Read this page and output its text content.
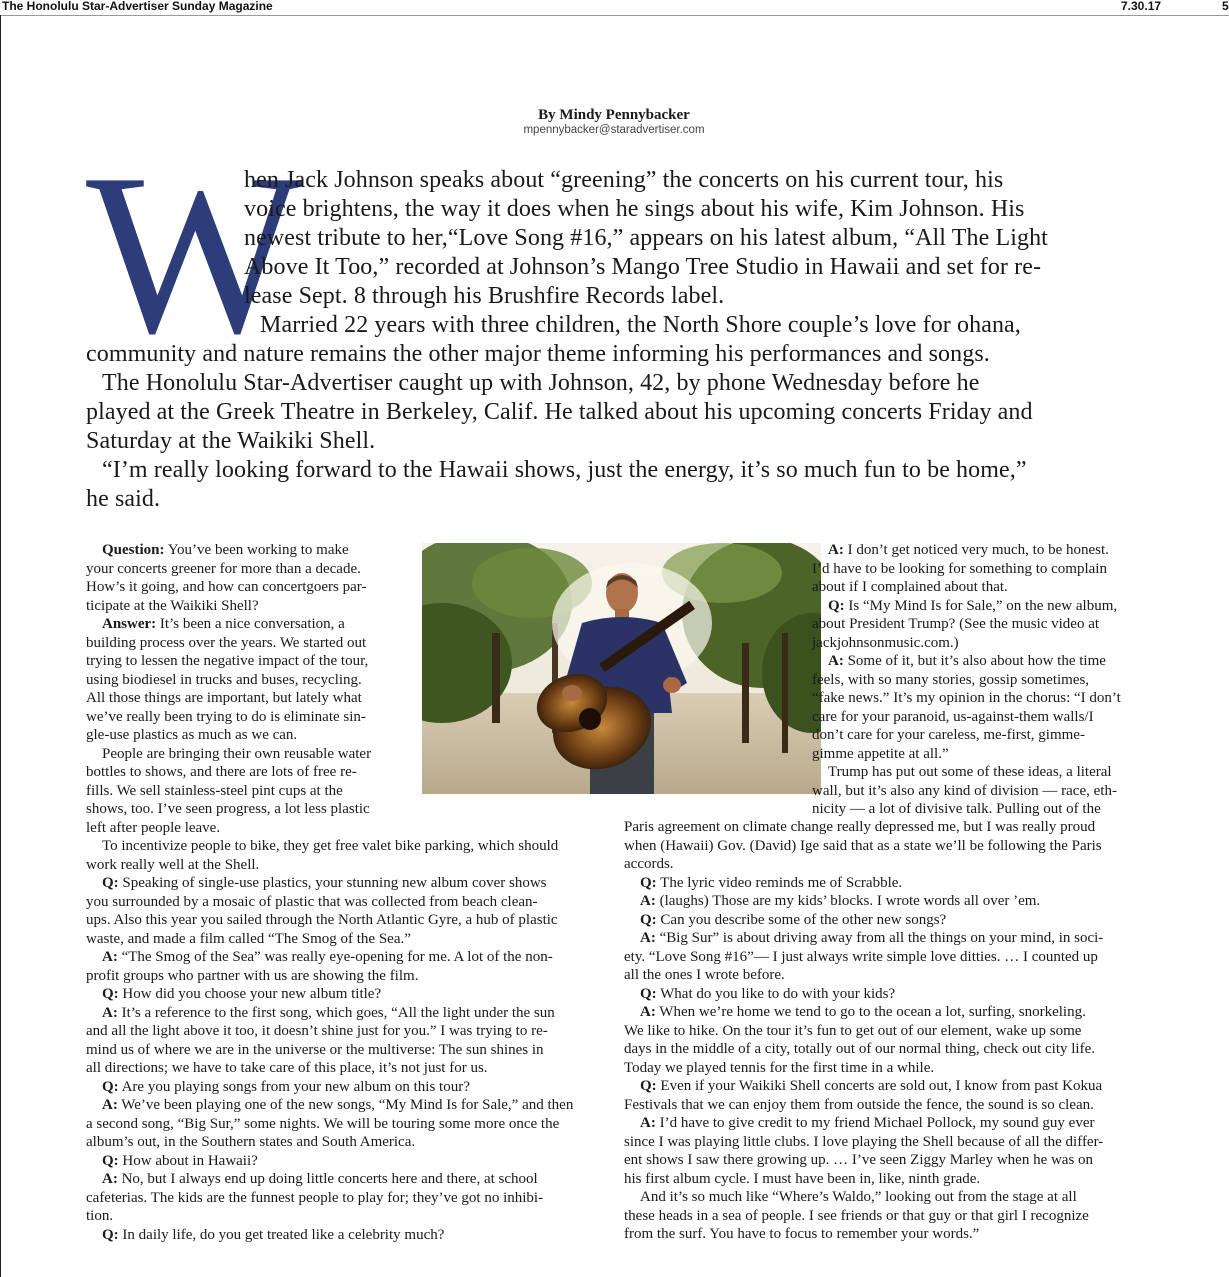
The Honolulu Star-Advertiser Sunday Magazine	7.30.17	5
By Mindy Pennybacker
mpennybacker@staradvertiser.com
W
hen Jack Johnson speaks about “greening” the concerts on his current tour, his
voice brightens, the way it does when he sings about his wife, Kim Johnson. His
newest tribute to her,“Love Song #16,” appears on his latest album, “All The Light
Above It Too,” recorded at Johnson’s Mango Tree Studio in Hawaii and set for re-
lease Sept. 8 through his Brushfire Records label.
Married 22 years with three children, the North Shore couple’s love for ohana,
community and nature remains the other major theme informing his performances and songs.
The Honolulu Star-Advertiser caught up with Johnson, 42, by phone Wednesday before he
played at the Greek Theatre in Berkeley, Calif. He talked about his upcoming concerts Friday and
Saturday at the Waikiki Shell.
“I’m really looking forward to the Hawaii shows, just the energy, it’s so much fun to be home,”
he said.
Question: You’ve been working to make
your concerts greener for more than a decade.
How’s it going, and how can concertgoers par-
ticipate at the Waikiki Shell?
Answer: It’s been a nice conversation, a
building process over the years. We started out
trying to lessen the negative impact of the tour,
using biodiesel in trucks and buses, recycling.
All those things are important, but lately what
we’ve really been trying to do is eliminate sin-
gle-use plastics as much as we can.
People are bringing their own reusable water
bottles to shows, and there are lots of free re-
fills. We sell stainless-steel pint cups at the
shows, too. I’ve seen progress, a lot less plastic
left after people leave.
To incentivize people to bike, they get free valet bike parking, which should
work really well at the Shell.
Q: Speaking of single-use plastics, your stunning new album cover shows
you surrounded by a mosaic of plastic that was collected from beach clean-
ups. Also this year you sailed through the North Atlantic Gyre, a hub of plastic
waste, and made a film called “The Smog of the Sea.”
A: “The Smog of the Sea” was really eye-opening for me. A lot of the non-
profit groups who partner with us are showing the film.
Q: How did you choose your new album title?
A: It’s a reference to the first song, which goes, “All the light under the sun
and all the light above it too, it doesn’t shine just for you.” I was trying to re-
mind us of where we are in the universe or the multiverse: The sun shines in
all directions; we have to take care of this place, it’s not just for us.
Q: Are you playing songs from your new album on this tour?
A: We’ve been playing one of the new songs, “My Mind Is for Sale,” and then
a second song, “Big Sur,” some nights. We will be touring some more once the
album’s out, in the Southern states and South America.
Q: How about in Hawaii?
A: No, but I always end up doing little concerts here and there, at school
cafeterias. The kids are the funnest people to play for; they’ve got no inhibi-
tion.
Q: In daily life, do you get treated like a celebrity much?
A: I don’t get noticed very much, to be honest.
I’d have to be looking for something to complain
about if I complained about that.
Q: Is “My Mind Is for Sale,” on the new album,
about President Trump? (See the music video at
jackjohnsonmusic.com.)
A: Some of it, but it’s also about how the time
feels, with so many stories, gossip sometimes,
“fake news.” It’s my opinion in the chorus: “I don’t
care for your paranoid, us-against-them walls/I
don’t care for your careless, me-first, gimme-
gimme appetite at all.”
Trump has put out some of these ideas, a literal
wall, but it’s also any kind of division — race, eth-
nicity — a lot of divisive talk. Pulling out of the
Paris agreement on climate change really depressed me, but I was really proud
when (Hawaii) Gov. (David) Ige said that as a state we’ll be following the Paris
accords.
Q: The lyric video reminds me of Scrabble.
A: (laughs) Those are my kids’ blocks. I wrote words all over ’em.
Q: Can you describe some of the other new songs?
A: “Big Sur” is about driving away from all the things on your mind, in soci-
ety. “Love Song #16”— I just always write simple love ditties. … I counted up
all the ones I wrote before.
Q: What do you like to do with your kids?
A: When we’re home we tend to go to the ocean a lot, surfing, snorkeling.
We like to hike. On the tour it’s fun to get out of our element, wake up some
days in the middle of a city, totally out of our normal thing, check out city life.
Today we played tennis for the first time in a while.
Q: Even if your Waikiki Shell concerts are sold out, I know from past Kokua
Festivals that we can enjoy them from outside the fence, the sound is so clean.
A: I’d have to give credit to my friend Michael Pollock, my sound guy ever
since I was playing little clubs. I love playing the Shell because of all the differ-
ent shows I saw there growing up. … I’ve seen Ziggy Marley when he was on
his first album cycle. I must have been in, like, ninth grade.
And it’s so much like “Where’s Waldo,” looking out from the stage at all
these heads in a sea of people. I see friends or that guy or that girl I recognize
from the surf. You have to focus to remember your words.”
